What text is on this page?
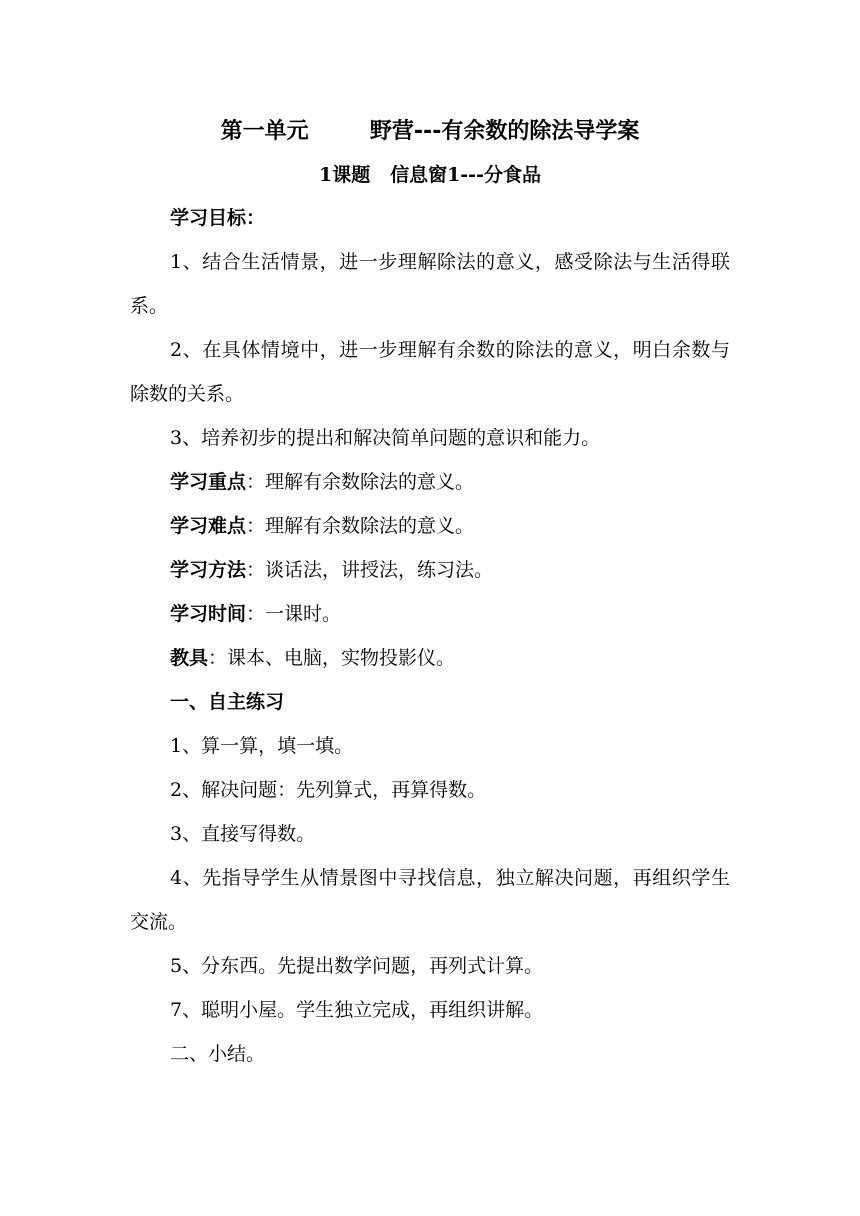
第一单元        野营---有余数的除法导学案
1课题   信息窗1---分食品

学习目标：

1、结合生活情景，进一步理解除法的意义，感受除法与生活得联系。

2、在具体情境中，进一步理解有余数的除法的意义，明白余数与除数的关系。

3、培养初步的提出和解决简单问题的意识和能力。

学习重点：理解有余数除法的意义。

学习难点：理解有余数除法的意义。

学习方法：谈话法，讲授法，练习法。

学习时间：一课时。

教具：课本、电脑，实物投影仪。

一、自主练习

1、算一算，填一填。

2、解决问题：先列算式，再算得数。

3、直接写得数。

4、先指导学生从情景图中寻找信息，独立解决问题，再组织学生交流。

5、分东西。先提出数学问题，再列式计算。

7、聪明小屋。学生独立完成，再组织讲解。

二、小结。
